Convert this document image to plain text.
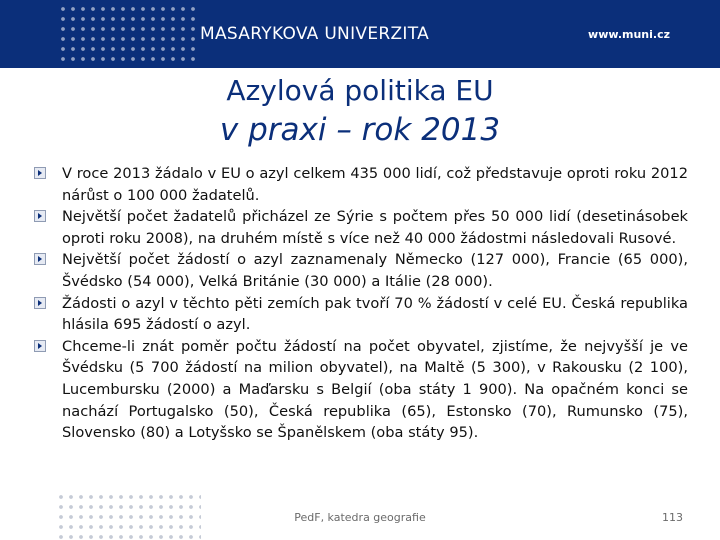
MASARYKOVA UNIVERZITA	www.muni.cz
Azylová politika EU
v praxi – rok 2013

V roce 2013 žádalo v EU o azyl celkem 435 000 lidí, což představuje oproti roku 2012 nárůst o 100 000 žadatelů.

Největší počet žadatelů přicházel ze Sýrie s počtem přes 50 000 lidí (desetinásobek oproti roku 2008), na druhém místě s více než 40 000 žádostmi následovali Rusové.

Největší počet žádostí o azyl zaznamenaly Německo (127 000), Francie (65 000), Švédsko (54 000), Velká Británie (30 000) a Itálie (28 000).

Žádosti o azyl v těchto pěti zemích pak tvoří 70 % žádostí v celé EU. Česká republika hlásila 695 žádostí o azyl.

Chceme-li znát poměr počtu žádostí na počet obyvatel, zjistíme, že nejvyšší je ve Švédsku (5 700 žádostí na milion obyvatel), na Maltě (5 300), v Rakousku (2 100), Lucembursku (2000) a Maďarsku s Belgií (oba státy 1 900). Na opačném konci se nachází Portugalsko (50), Česká republika (65), Estonsko (70), Rumunsko (75), Slovensko (80) a Lotyšsko se Španělskem (oba státy 95).

PedF, katedra geografie	113
